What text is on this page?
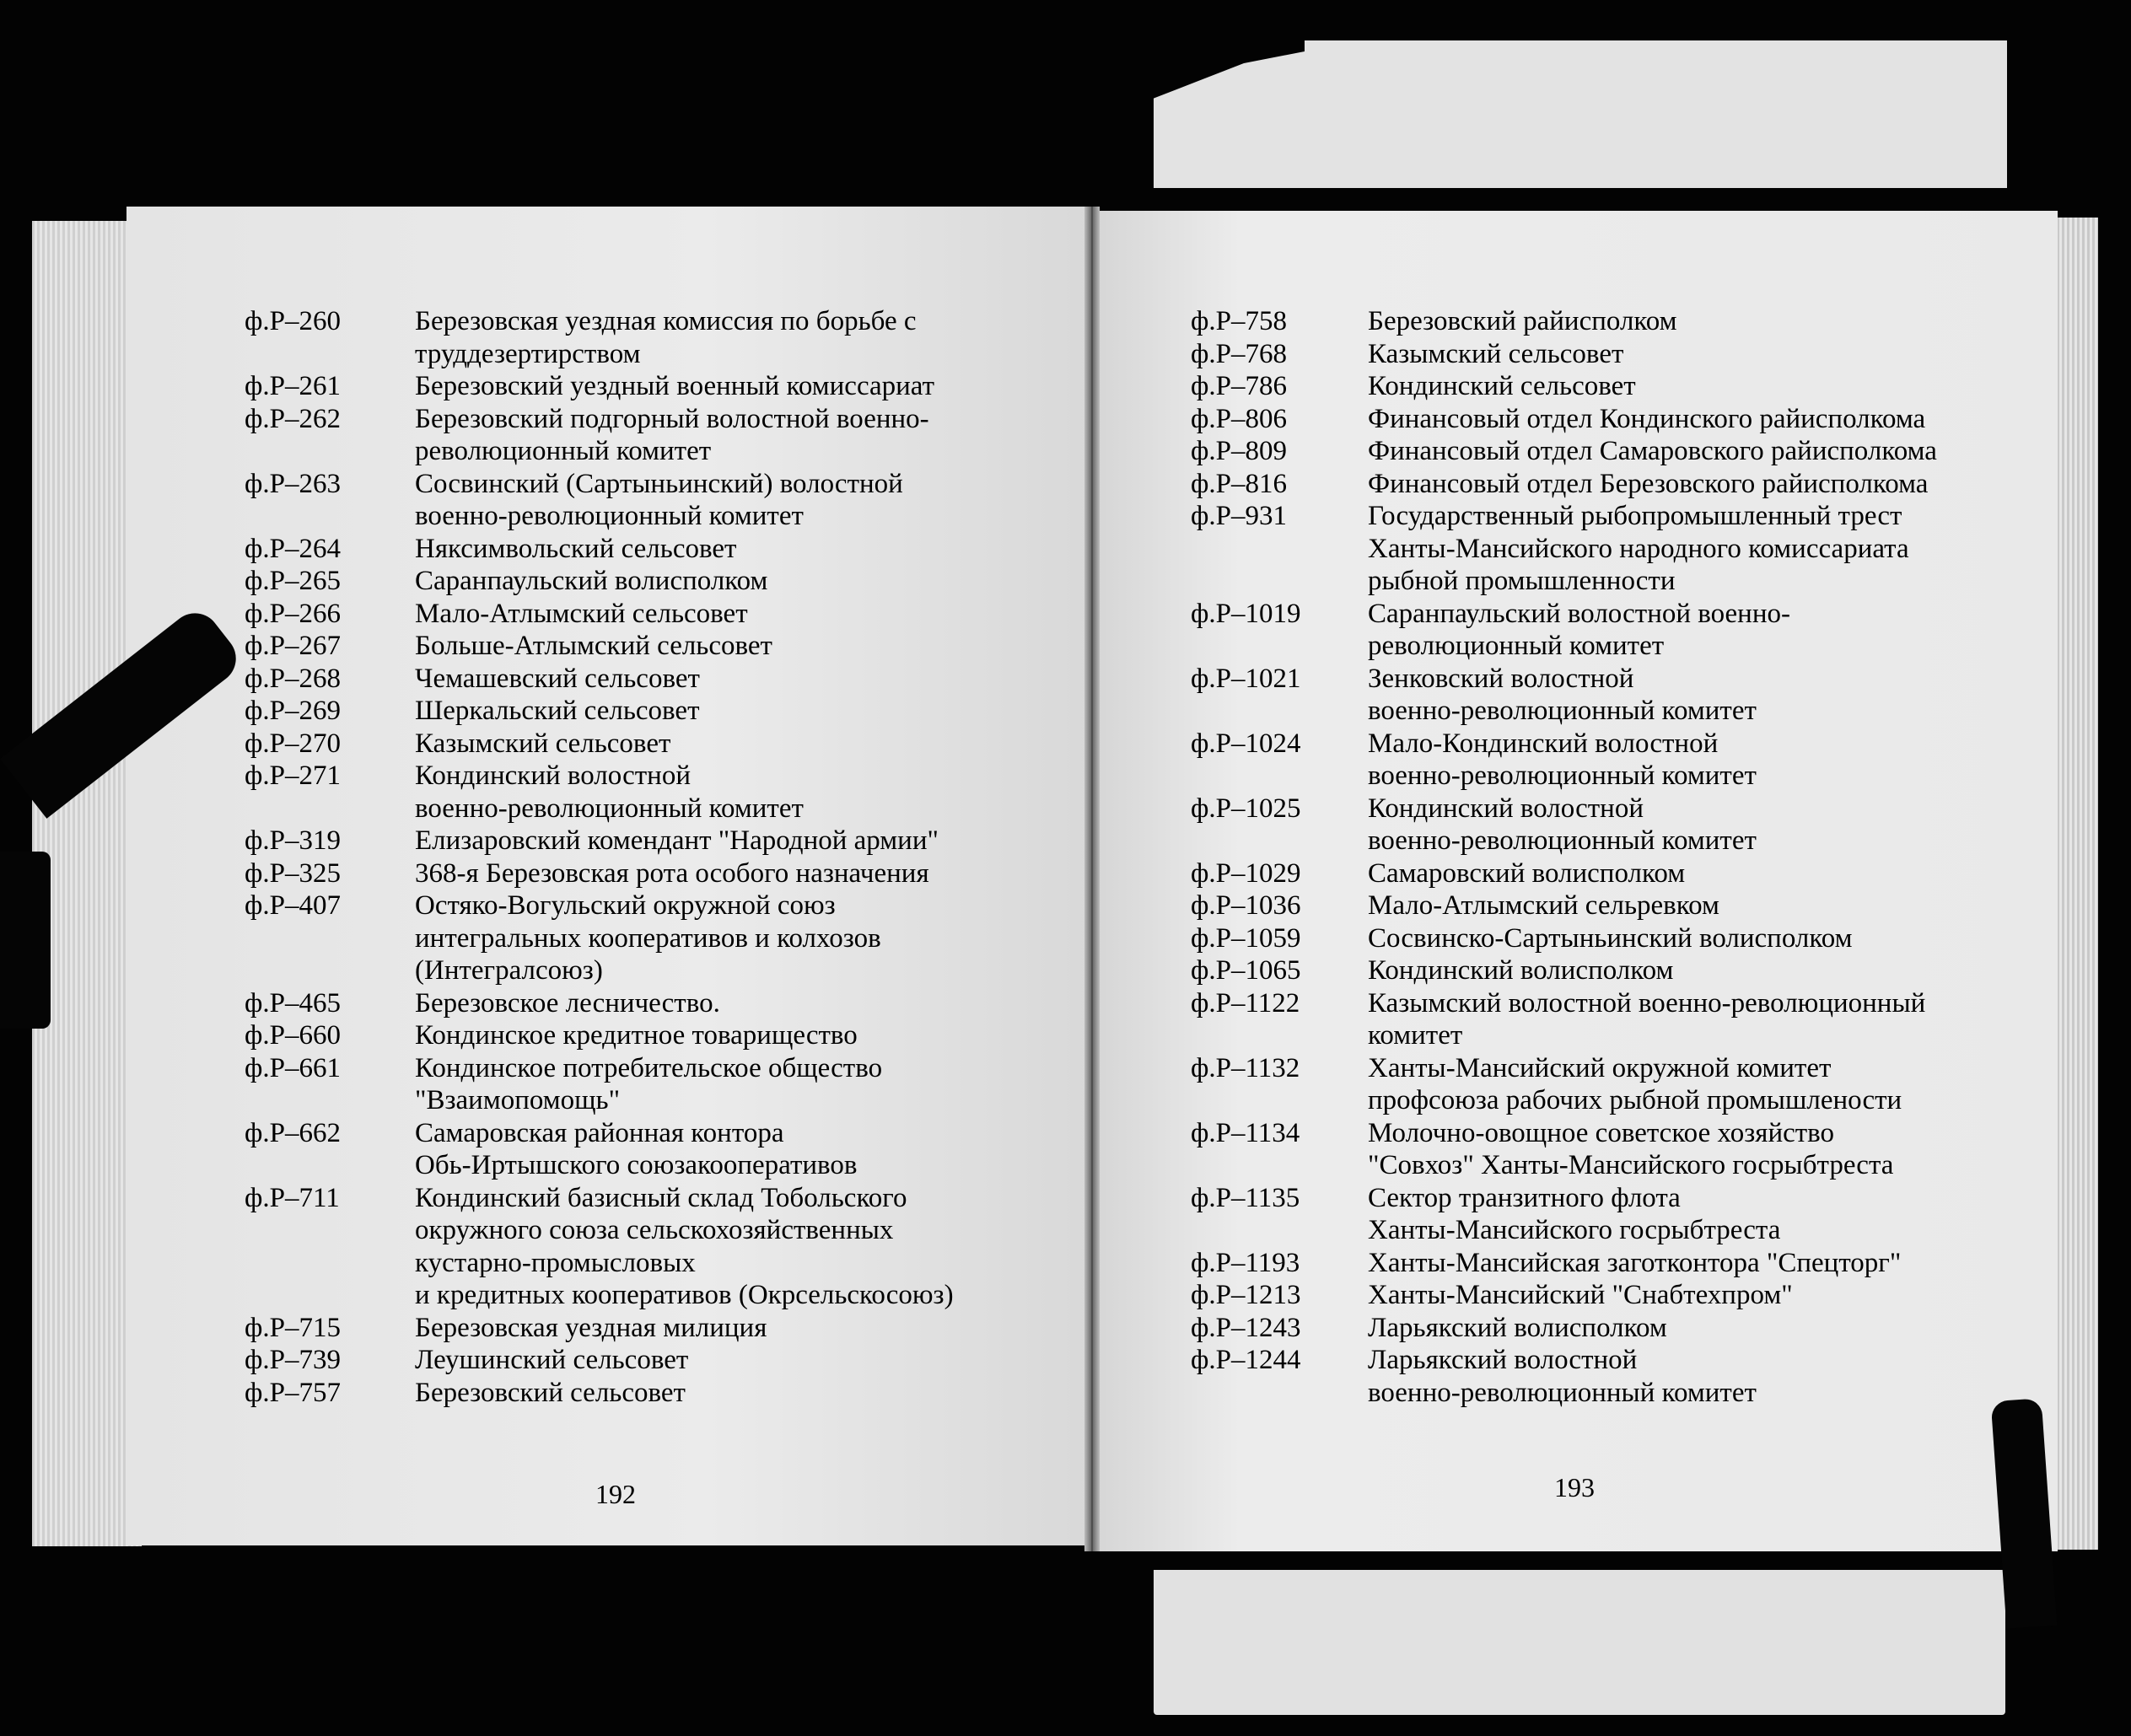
ф.Р–260	Березовская уездная комиссия по борьбе с
труддезертирством
ф.Р–261	Березовский уездный военный комиссариат
ф.Р–262	Березовский подгорный волостной военно-
революционный комитет
ф.Р–263	Сосвинский (Сартыньинский) волостной
военно-революционный комитет
ф.Р–264	Няксимвольский сельсовет
ф.Р–265	Саранпаульский волисполком
ф.Р–266	Мало-Атлымский сельсовет
ф.Р–267	Больше-Атлымский сельсовет
ф.Р–268	Чемашевский сельсовет
ф.Р–269	Шеркальский сельсовет
ф.Р–270	Казымский сельсовет
ф.Р–271	Кондинский волостной
военно-революционный комитет
ф.Р–319	Елизаровский комендант "Народной армии"
ф.Р–325	368-я Березовская рота особого назначения
ф.Р–407	Остяко-Вогульский окружной союз
интегральных кооперативов и колхозов
(Интегралсоюз)
ф.Р–465	Березовское лесничество.
ф.Р–660	Кондинское кредитное товарищество
ф.Р–661	Кондинское потребительское общество
"Взаимопомощь"
ф.Р–662	Самаровская районная контора
Обь-Иртышского союзакооперативов
ф.Р–711	Кондинский базисный склад Тобольского
окружного союза сельскохозяйственных
кустарно-промысловых
и кредитных кооперативов (Окрсельскосоюз)
ф.Р–715	Березовская уездная милиция
ф.Р–739	Леушинский сельсовет
ф.Р–757	Березовский сельсовет
ф.Р–758	Березовский райисполком
ф.Р–768	Казымский сельсовет
ф.Р–786	Кондинский сельсовет
ф.Р–806	Финансовый отдел Кондинского райисполкома
ф.Р–809	Финансовый отдел Самаровского райисполкома
ф.Р–816	Финансовый отдел Березовского райисполкома
ф.Р–931	Государственный рыбопромышленный трест
Ханты-Мансийского народного комиссариата
рыбной промышленности
ф.Р–1019	Саранпаульский волостной военно-
революционный комитет
ф.Р–1021	Зенковский волостной
военно-революционный комитет
ф.Р–1024	Мало-Кондинский волостной
военно-революционный комитет
ф.Р–1025	Кондинский волостной
военно-революционный комитет
ф.Р–1029	Самаровский волисполком
ф.Р–1036	Мало-Атлымский сельревком
ф.Р–1059	Сосвинско-Сартыньинский волисполком
ф.Р–1065	Кондинский волисполком
ф.Р–1122	Казымский волостной военно-революционный
комитет
ф.Р–1132	Ханты-Мансийский окружной комитет
профсоюза рабочих рыбной промышлености
ф.Р–1134	Молочно-овощное советское хозяйство
"Совхоз" Ханты-Мансийского госрыбтреста
ф.Р–1135	Сектор транзитного флота
Ханты-Мансийского госрыбтреста
ф.Р–1193	Ханты-Мансийская заготконтора "Спецторг"
ф.Р–1213	Ханты-Мансийский "Снабтехпром"
ф.Р–1243	Ларьякский волисполком
ф.Р–1244	Ларьякский волостной
военно-революционный комитет
192	193
